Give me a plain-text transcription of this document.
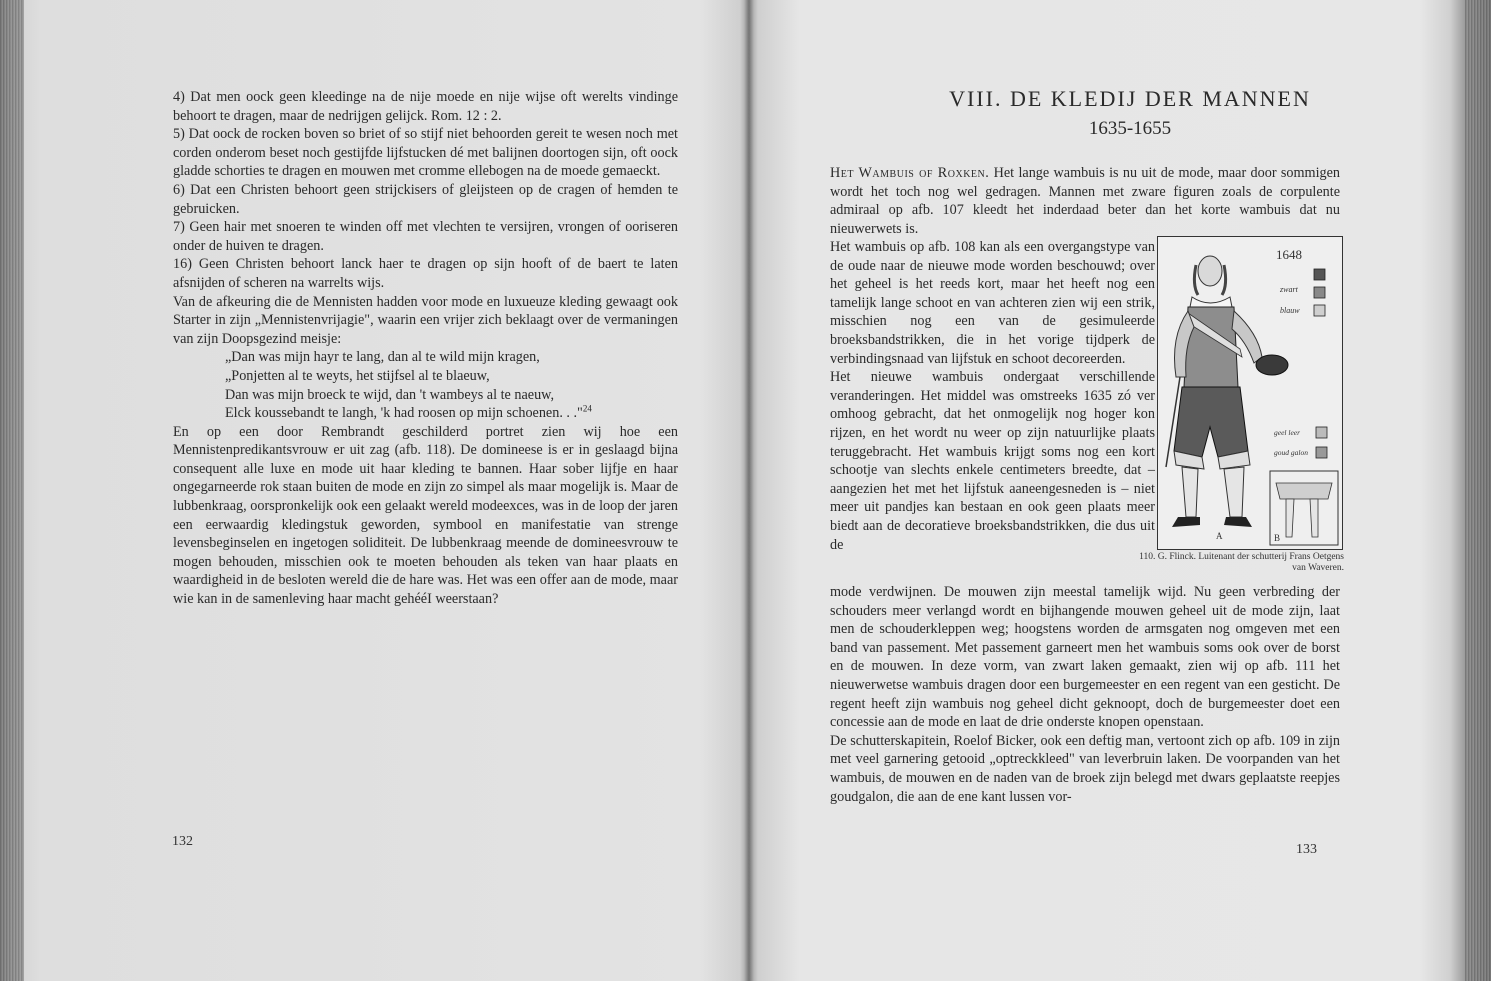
4) Dat men oock geen kleedinge na de nije moede en nije wijse oft werelts vindinge behoort te dragen, maar de nedrijgen gelijck. Rom. 12 : 2.

5) Dat oock de rocken boven so briet of so stijf niet behoorden gereit te wesen noch met corden onderom beset noch gestijfde lijfstucken dé met balijnen doortogen sijn, oft oock gladde schorties te dragen en mouwen met cromme ellebogen na de moede gemaeckt.

6) Dat een Christen behoort geen strijckisers of gleijsteen op de cragen of hemden te gebruicken.

7) Geen hair met snoeren te winden off met vlechten te versijren, vrongen of ooriseren onder de huiven te dragen.

16) Geen Christen behoort lanck haer te dragen op sijn hooft of de baert te laten afsnijden of scheren na warrelts wijs.

Van de afkeuring die de Mennisten hadden voor mode en luxueuze kleding gewaagt ook Starter in zijn „Mennistenvrijagie", waarin een vrijer zich beklaagt over de vermaningen van zijn Doopsgezind meisje:

„Dan was mijn hayr te lang, dan al te wild mijn kragen,

„Ponjetten al te weyts, het stijfsel al te blaeuw,

Dan was mijn broeck te wijd, dan 't wambeys al te naeuw,

Elck koussebandt te langh, 'k had roosen op mijn schoenen. . ."$^{24}$

En op een door Rembrandt geschilderd portret zien wij hoe een Mennistenpredikantsvrouw er uit zag (afb. 118). De domineese is er in geslaagd bijna consequent alle luxe en mode uit haar kleding te bannen. Haar sober lijfje en haar ongegarneerde rok staan buiten de mode en zijn zo simpel als maar mogelijk is. Maar de lubbenkraag, oorspronkelijk ook een gelaakt wereld modeexces, was in de loop der jaren een eerwaardig kledingstuk geworden, symbool en manifestatie van strenge levensbeginselen en ingetogen soliditeit. De lubbenkraag meende de domineesvrouw te mogen behouden, misschien ook te moeten behouden als teken van haar plaats en waardigheid in de besloten wereld die de hare was. Het was een offer aan de mode, maar wie kan in de samenleving haar macht gehééI weerstaan?

132
VIII. DE KLEDIJ DER MANNEN
1635-1655

Het Wambuis of Roxken. Het lange wambuis is nu uit de mode, maar door sommigen wordt het toch nog wel gedragen. Mannen met zware figuren zoals de corpulente admiraal op afb. 107 kleedt het inderdaad beter dan het korte wambuis dat nu nieuwerwets is.

Het wambuis op afb. 108 kan als een overgangstype van de oude naar de nieuwe mode worden beschouwd; over het geheel is het reeds kort, maar het heeft nog een tamelijk lange schoot en van achteren zien wij een strik, misschien nog een van de gesimuleerde broeksbandstrikken, die in het vorige tijdperk de verbindingsnaad van lijfstuk en schoot decoreerden.

Het nieuwe wambuis ondergaat verschillende veranderingen. Het middel was omstreeks 1635 zó ver omhoog gebracht, dat het onmogelijk nog hoger kon rijzen, en het wordt nu weer op zijn natuurlijke plaats teruggebracht. Het wambuis krijgt soms nog een kort schootje van slechts enkele centimeters breedte, dat – aangezien het met het lijfstuk aaneengesneden is – niet meer uit pandjes kan bestaan en ook geen plaats meer biedt aan de decoratieve broeksbandstrikken, die dus uit de

1648
zwart
blauw
geel leer
goud galon
A	B
110. G. Flinck. Luitenant der schutterij Frans Oetgens van Waveren.

mode verdwijnen. De mouwen zijn meestal tamelijk wijd. Nu geen verbreding der schouders meer verlangd wordt en bijhangende mouwen geheel uit de mode zijn, laat men de schouderkleppen weg; hoogstens worden de armsgaten nog omgeven met een band van passement. Met passement garneert men het wambuis soms ook over de borst en de mouwen. In deze vorm, van zwart laken gemaakt, zien wij op afb. 111 het nieuwerwetse wambuis dragen door een burgemeester en een regent van een gesticht. De regent heeft zijn wambuis nog geheel dicht geknoopt, doch de burgemeester doet een concessie aan de mode en laat de drie onderste knopen openstaan.

De schutterskapitein, Roelof Bicker, ook een deftig man, vertoont zich op afb. 109 in zijn met veel garnering getooid „optreckkleed" van leverbruin laken. De voorpanden van het wambuis, de mouwen en de naden van de broek zijn belegd met dwars geplaatste reepjes goudgalon, die aan de ene kant lussen vor-

133
